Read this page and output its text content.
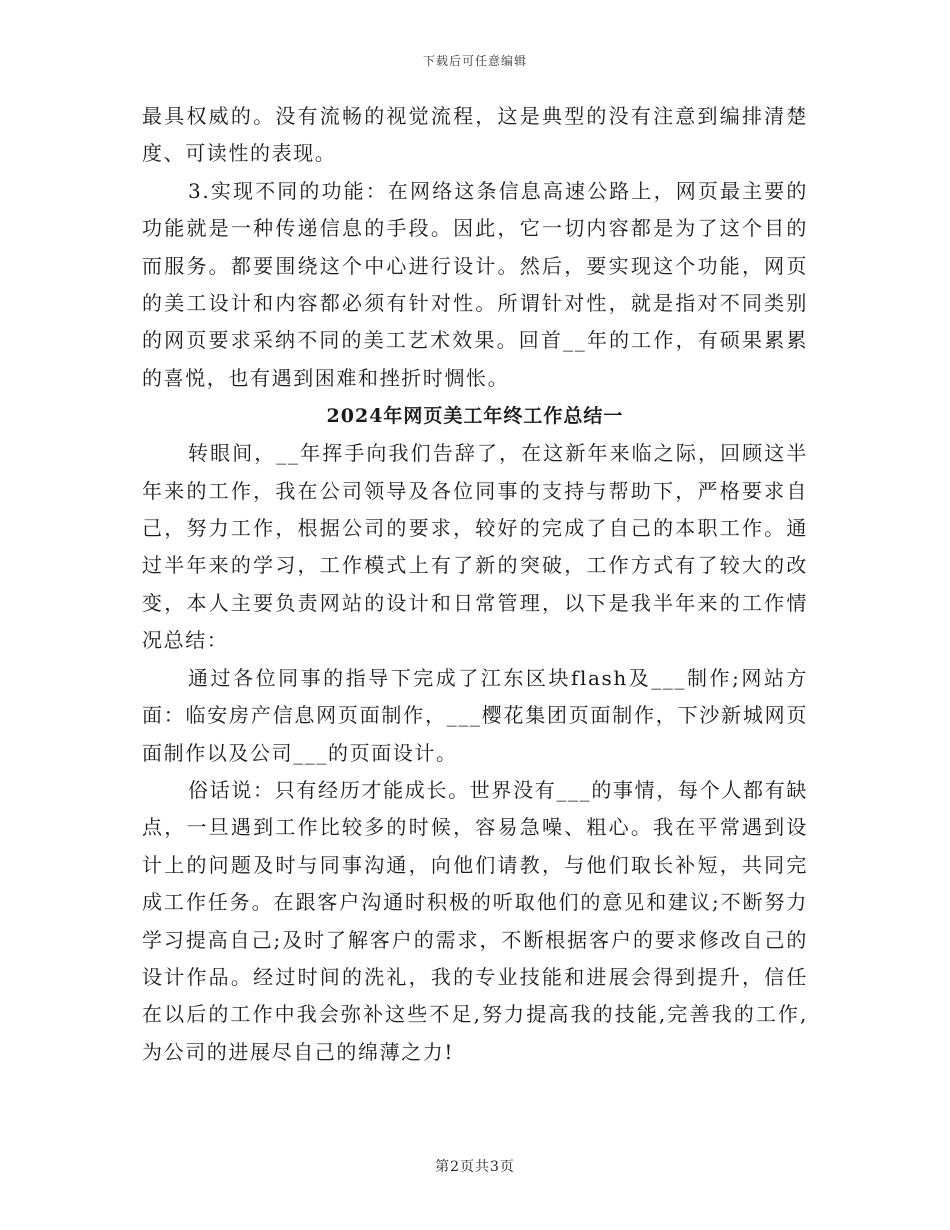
下载后可任意编辑

最具权威的。没有流畅的视觉流程，这是典型的没有注意到编排清楚度、可读性的表现。

3.实现不同的功能：在网络这条信息高速公路上，网页最主要的功能就是一种传递信息的手段。因此，它一切内容都是为了这个目的而服务。都要围绕这个中心进行设计。然后，要实现这个功能，网页的美工设计和内容都必须有针对性。所谓针对性，就是指对不同类别的网页要求采纳不同的美工艺术效果。回首__年的工作，有硕果累累的喜悦，也有遇到困难和挫折时惆怅。

2024年网页美工年终工作总结一

转眼间，__年挥手向我们告辞了，在这新年来临之际，回顾这半年来的工作，我在公司领导及各位同事的支持与帮助下，严格要求自己，努力工作，根据公司的要求，较好的完成了自己的本职工作。通过半年来的学习，工作模式上有了新的突破，工作方式有了较大的改变，本人主要负责网站的设计和日常管理，以下是我半年来的工作情况总结：

通过各位同事的指导下完成了江东区块flash及___制作;网站方面：临安房产信息网页面制作，___樱花集团页面制作，下沙新城网页面制作以及公司___的页面设计。

俗话说：只有经历才能成长。世界没有___的事情，每个人都有缺点，一旦遇到工作比较多的时候，容易急噪、粗心。我在平常遇到设计上的问题及时与同事沟通，向他们请教，与他们取长补短，共同完成工作任务。在跟客户沟通时积极的听取他们的意见和建议;不断努力学习提高自己;及时了解客户的需求，不断根据客户的要求修改自己的设计作品。经过时间的洗礼，我的专业技能和进展会得到提升，信任在以后的工作中我会弥补这些不足,努力提高我的技能,完善我的工作,为公司的进展尽自己的绵薄之力!

第2页共3页
